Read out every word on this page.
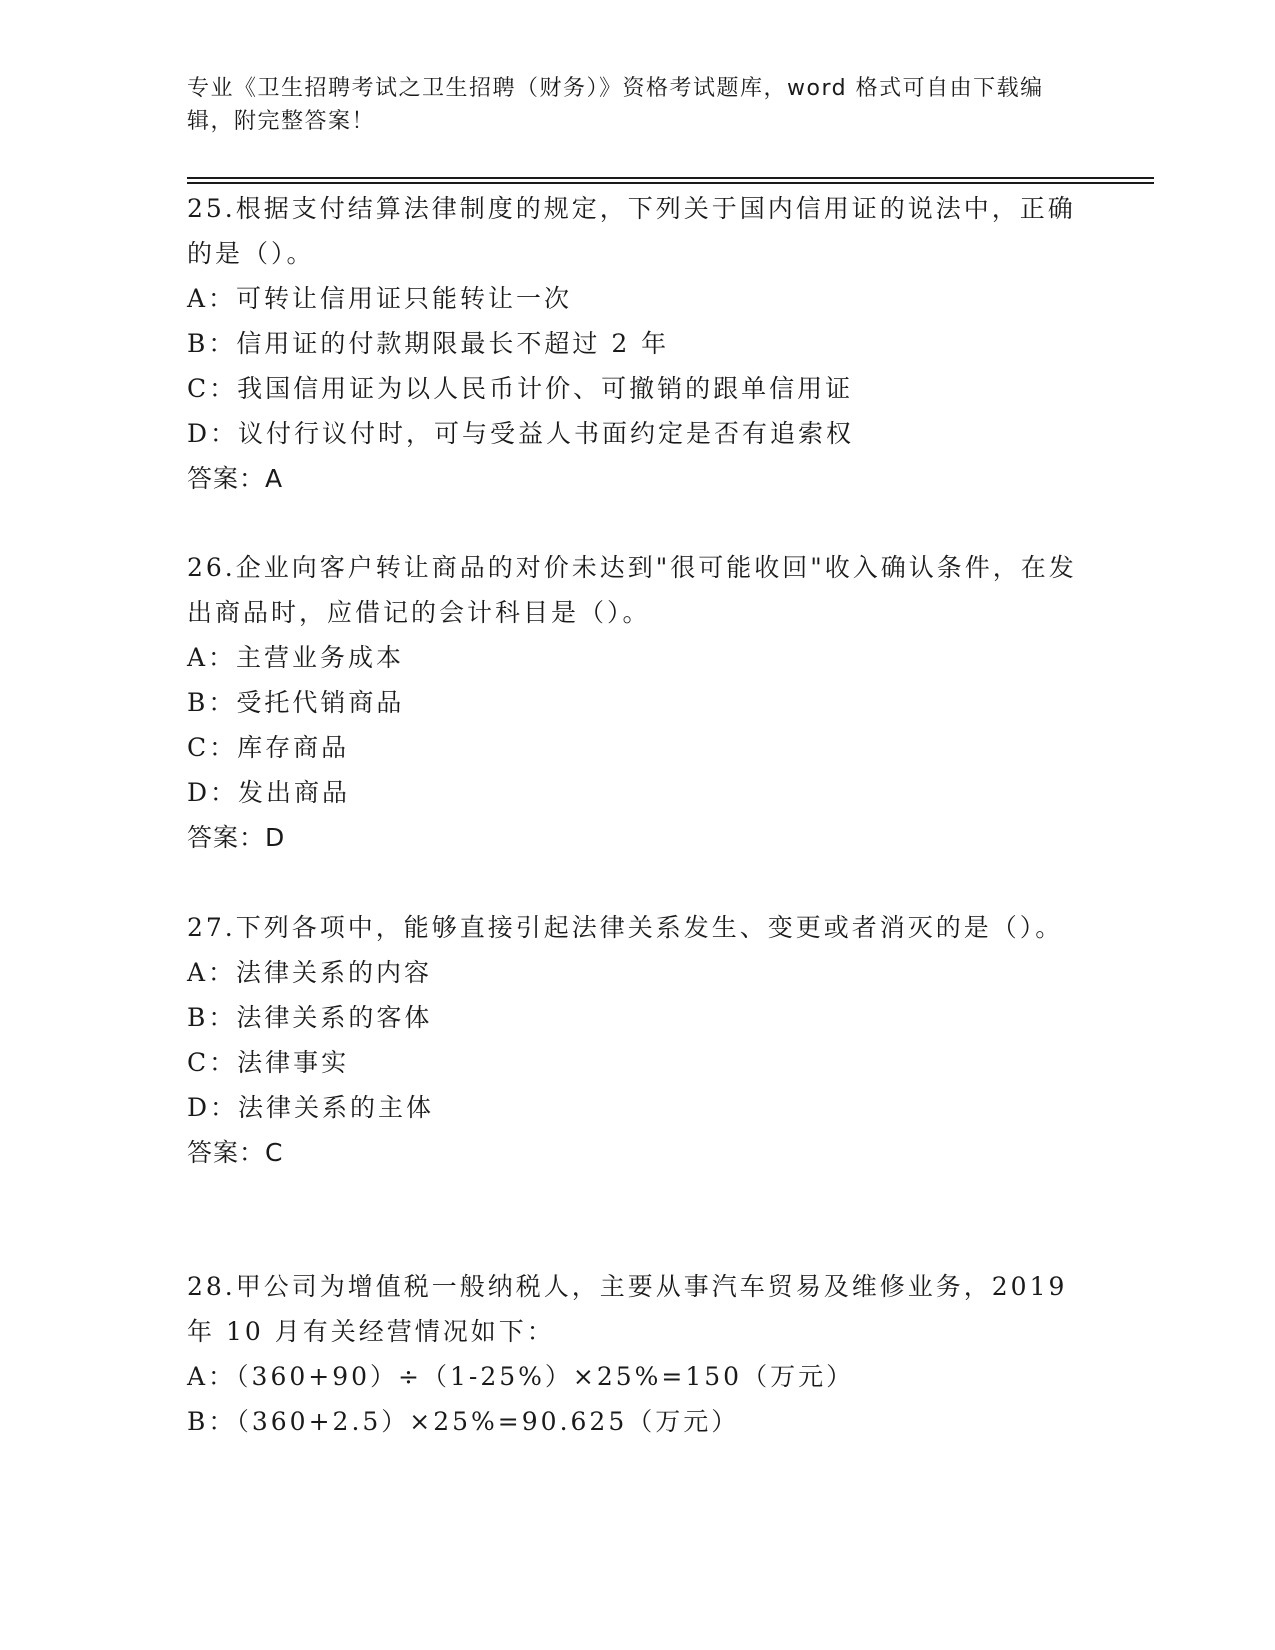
专业《卫生招聘考试之卫生招聘（财务）》资格考试题库，word 格式可自由下载编辑，附完整答案！

25.根据支付结算法律制度的规定，下列关于国内信用证的说法中，正确的是（）。

A：可转让信用证只能转让一次

B：信用证的付款期限最长不超过 2 年

C：我国信用证为以人民币计价、可撤销的跟单信用证

D：议付行议付时，可与受益人书面约定是否有追索权

答案：A

26.企业向客户转让商品的对价未达到"很可能收回"收入确认条件，在发出商品时，应借记的会计科目是（）。

A：主营业务成本

B：受托代销商品

C：库存商品

D：发出商品

答案：D

27.下列各项中，能够直接引起法律关系发生、变更或者消灭的是（）。

A：法律关系的内容

B：法律关系的客体

C：法律事实

D：法律关系的主体

答案：C

28.甲公司为增值税一般纳税人，主要从事汽车贸易及维修业务，2019 年 10 月有关经营情况如下：

A：（360+90）÷（1-25%）×25%=150（万元）

B：（360+2.5）×25%=90.625（万元）
